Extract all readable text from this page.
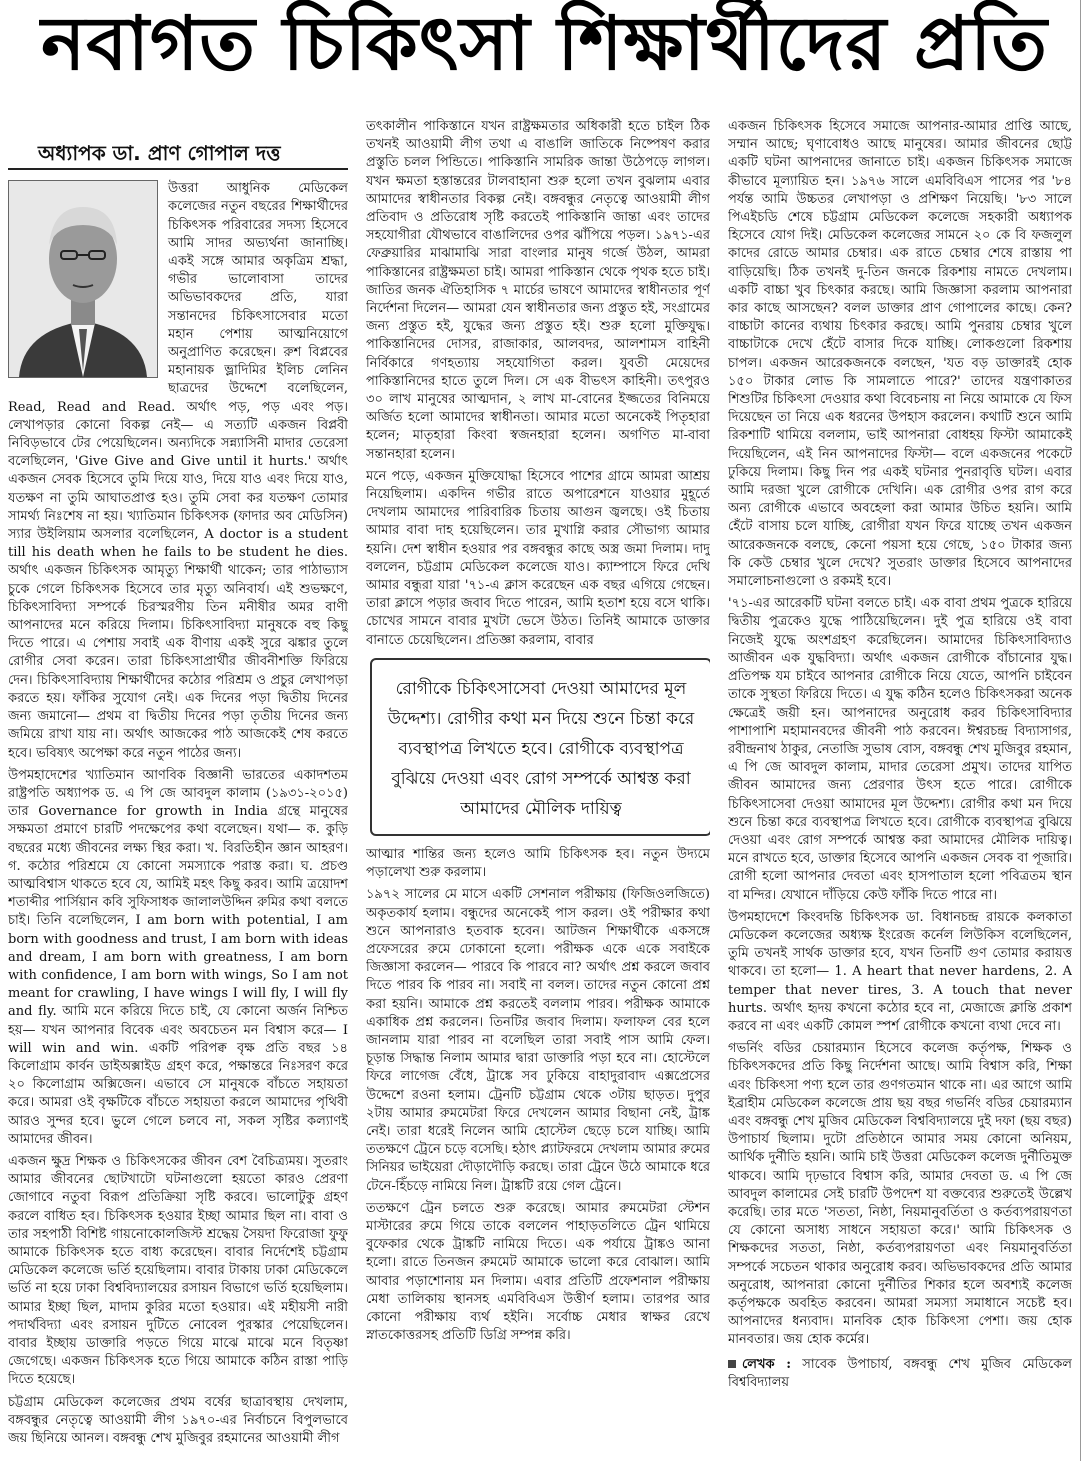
নবাগত চিকিৎসা শিক্ষার্থীদের প্রতি
অধ্যাপক ডা. প্রাণ গোপাল দত্ত

উত্তরা আধুনিক মেডিকেল কলেজের নতুন বছরের শিক্ষার্থীদের চিকিৎসক পরিবারের সদস্য হিসেবে আমি সাদর অভ্যর্থনা জানাচ্ছি। একই সঙ্গে আমার অকৃত্রিম শ্রদ্ধা, গভীর ভালোবাসা তাদের অভিভাবকদের প্রতি, যারা সন্তানদের চিকিৎসাসেবার মতো মহান পেশায় আত্মনিয়োগে অনুপ্রাণিত করেছেন। রুশ বিপ্লবের মহানায়ক ভ্লাদিমির ইলিচ লেনিন ছাত্রদের উদ্দেশে বলেছিলেন, Read, Read and Read. অর্থাৎ পড়, পড় এবং পড়। লেখাপড়ার কোনো বিকল্প নেই— এ সত্যটি একজন বিপ্লবী নিবিড়ভাবে টের পেয়েছিলেন। অন্যদিকে সন্ন্যাসিনী মাদার তেরেসা বলেছিলেন, 'Give Give and Give until it hurts.' অর্থাৎ একজন সেবক হিসেবে তুমি দিয়ে যাও, দিয়ে যাও এবং দিয়ে যাও, যতক্ষণ না তুমি আঘাতপ্রাপ্ত হও। তুমি সেবা কর যতক্ষণ তোমার সামর্থ্য নিঃশেষ না হয়। খ্যাতিমান চিকিৎসক (ফাদার অব মেডিসিন) স্যার উইলিয়াম অসলার বলেছিলেন, A doctor is a student till his death when he fails to be student he dies. অর্থাৎ একজন চিকিৎসক আমৃত্যু শিক্ষার্থী থাকেন; তার পাঠাভ্যাস চুকে গেলে চিকিৎসক হিসেবে তার মৃত্যু অনিবার্য। এই শুভক্ষণে, চিকিৎসাবিদ্যা সম্পর্কে চিরস্মরণীয় তিন মনীষীর অমর বাণী আপনাদের মনে করিয়ে দিলাম। চিকিৎসাবিদ্যা মানুষকে বহু কিছু দিতে পারে। এ পেশায় সবাই এক বীণায় একই সুরে ঝঙ্কার তুলে রোগীর সেবা করেন। তারা চিকিৎসাপ্রার্থীর জীবনীশক্তি ফিরিয়ে দেন। চিকিৎসাবিদ্যায় শিক্ষার্থীদের কঠোর পরিশ্রম ও প্রচুর লেখাপড়া করতে হয়। ফাঁকির সুযোগ নেই। এক দিনের পড়া দ্বিতীয় দিনের জন্য জমানো— প্রথম বা দ্বিতীয় দিনের পড়া তৃতীয় দিনের জন্য জমিয়ে রাখা যায় না। অর্থাৎ আজকের পাঠ আজকেই শেষ করতে হবে। ভবিষ্যৎ অপেক্ষা করে নতুন পাঠের জন্য।

উপমহাদেশের খ্যাতিমান আণবিক বিজ্ঞানী ভারতের একাদশতম রাষ্ট্রপতি অধ্যাপক ড. এ পি জে আবদুল কালাম (১৯৩১-২০১৫) তার Governance for growth in India গ্রন্থে মানুষের সক্ষমতা প্রমাণে চারটি পদক্ষেপের কথা বলেছেন। যথা— ক. কুড়ি বছরের মধ্যে জীবনের লক্ষ্য স্থির করা। খ. বিরতিহীন জ্ঞান আহরণ। গ. কঠোর পরিশ্রমে যে কোনো সমস্যাকে পরাস্ত করা। ঘ. প্রচণ্ড আত্মবিশ্বাস থাকতে হবে যে, আমিই মহৎ কিছু করব। আমি ত্রয়োদশ শতাব্দীর পার্সিয়ান কবি সুফিসাধক জালালউদ্দিন রুমির কথা বলতে চাই। তিনি বলেছিলেন, I am born with potential, I am born with goodness and trust, I am born with ideas and dream, I am born with greatness, I am born with confidence, I am born with wings, So I am not meant for crawling, I have wings I will fly, I will fly and fly. আমি মনে করিয়ে দিতে চাই, যে কোনো অর্জন নিশ্চিত হয়— যখন আপনার বিবেক এবং অবচেতন মন বিশ্বাস করে— I will win and win. একটি পরিপক্ব বৃক্ষ প্রতি বছর ১৪ কিলোগ্রাম কার্বন ডাইঅক্সাইড গ্রহণ করে, পক্ষান্তরে নিঃসরণ করে ২০ কিলোগ্রাম অক্সিজেন। এভাবে সে মানুষকে বাঁচতে সহায়তা করে। আমরা ওই বৃক্ষটিকে বাঁচতে সহায়তা করলে আমাদের পৃথিবী আরও সুন্দর হবে। ভুলে গেলে চলবে না, সকল সৃষ্টির কল্যাণই আমাদের জীবন।

একজন ক্ষুদ্র শিক্ষক ও চিকিৎসকের জীবন বেশ বৈচিত্র্যময়। সুতরাং আমার জীবনের ছোটখাটো ঘটনাগুলো হয়তো কারও প্রেরণা জোগাবে নতুবা বিরূপ প্রতিক্রিয়া সৃষ্টি করবে। ভালোটুকু গ্রহণ করলে বাধিত হব। চিকিৎসক হওয়ার ইচ্ছা আমার ছিল না। বাবা ও তার সহপাঠী বিশিষ্ট গায়নোকোলজিস্ট শ্রদ্ধেয় সৈয়দা ফিরোজা ফুফু আমাকে চিকিৎসক হতে বাধ্য করেছেন। বাবার নির্দেশেই চট্টগ্রাম মেডিকেল কলেজে ভর্তি হয়েছিলাম। বাবার টাকায় ঢাকা মেডিকেলে ভর্তি না হয়ে ঢাকা বিশ্ববিদ্যালয়ের রসায়ন বিভাগে ভর্তি হয়েছিলাম। আমার ইচ্ছা ছিল, মাদাম কুরির মতো হওয়ার। এই মহীয়সী নারী পদার্থবিদ্যা এবং রসায়ন দুটিতে নোবেল পুরস্কার পেয়েছিলেন। বাবার ইচ্ছায় ডাক্তারি পড়তে গিয়ে মাঝে মাঝে মনে বিতৃষ্ণা জেগেছে। একজন চিকিৎসক হতে গিয়ে আমাকে কঠিন রাস্তা পাড়ি দিতে হয়েছে।

চট্টগ্রাম মেডিকেল কলেজের প্রথম বর্ষের ছাত্রাবস্থায় দেখলাম, বঙ্গবন্ধুর নেতৃত্বে আওয়ামী লীগ ১৯৭০-এর নির্বাচনে বিপুলভাবে জয় ছিনিয়ে আনল। বঙ্গবন্ধু শেখ মুজিবুর রহমানের আওয়ামী লীগ

তৎকালীন পাকিস্তানে যখন রাষ্ট্রক্ষমতার অধিকারী হতে চাইল ঠিক তখনই আওয়ামী লীগ তথা এ বাঙালি জাতিকে নিষ্পেষণ করার প্রস্তুতি চলল পিন্ডিতে। পাকিস্তানি সামরিক জান্তা উঠেপড়ে লাগল। যখন ক্ষমতা হস্তান্তরের টালবাহানা শুরু হলো তখন বুঝলাম এবার আমাদের স্বাধীনতার বিকল্প নেই। বঙ্গবন্ধুর নেতৃত্বে আওয়ামী লীগ প্রতিবাদ ও প্রতিরোধ সৃষ্টি করতেই পাকিস্তানি জান্তা এবং তাদের সহযোগীরা যৌথভাবে বাঙালিদের ওপর ঝাঁপিয়ে পড়ল। ১৯৭১-এর ফেব্রুয়ারির মাঝামাঝি সারা বাংলার মানুষ গর্জে উঠল, আমরা পাকিস্তানের রাষ্ট্রক্ষমতা চাই। আমরা পাকিস্তান থেকে পৃথক হতে চাই। জাতির জনক ঐতিহাসিক ৭ মার্চের ভাষণে আমাদের স্বাধীনতার পূর্ণ নির্দেশনা দিলেন— আমরা যেন স্বাধীনতার জন্য প্রস্তুত হই, সংগ্রামের জন্য প্রস্তুত হই, যুদ্ধের জন্য প্রস্তুত হই। শুরু হলো মুক্তিযুদ্ধ। পাকিস্তানিদের দোসর, রাজাকার, আলবদর, আলশামস বাহিনী নির্বিকারে গণহত্যায় সহযোগিতা করল। যুবতী মেয়েদের পাকিস্তানিদের হাতে তুলে দিল। সে এক বীভৎস কাহিনী। তৎপুরও ৩০ লাখ মানুষের আত্মদান, ২ লাখ মা-বোনের ইজ্জতের বিনিময়ে অর্জিত হলো আমাদের স্বাধীনতা। আমার মতো অনেকেই পিতৃহারা হলেন; মাতৃহারা কিংবা স্বজনহারা হলেন। অগণিত মা-বাবা সন্তানহারা হলেন।

মনে পড়ে, একজন মুক্তিযোদ্ধা হিসেবে পাশের গ্রামে আমরা আশ্রয় নিয়েছিলাম। একদিন গভীর রাতে অপারেশনে যাওয়ার মুহূর্তে দেখলাম আমাদের পারিবারিক চিতায় আগুন জ্বলছে। ওই চিতায় আমার বাবা দাহ হয়েছিলেন। তার মুখাগ্নি করার সৌভাগ্য আমার হয়নি। দেশ স্বাধীন হওয়ার পর বঙ্গবন্ধুর কাছে অস্ত্র জমা দিলাম। দাদু বললেন, চট্টগ্রাম মেডিকেল কলেজে যাও। ক্যাম্পাসে ফিরে দেখি আমার বন্ধুরা যারা '৭১-এ ক্লাস করেছেন এক বছর এগিয়ে গেছেন। তারা ক্লাসে পড়ার জবাব দিতে পারেন, আমি হতাশ হয়ে বসে থাকি। চোখের সামনে বাবার মুখটা ভেসে উঠত। তিনিই আমাকে ডাক্তার বানাতে চেয়েছিলেন। প্রতিজ্ঞা করলাম, বাবার

রোগীকে চিকিৎসাসেবা দেওয়া আমাদের মূল উদ্দেশ্য। রোগীর কথা মন দিয়ে শুনে চিন্তা করে ব্যবস্থাপত্র লিখতে হবে। রোগীকে ব্যবস্থাপত্র বুঝিয়ে দেওয়া এবং রোগ সম্পর্কে আশ্বস্ত করা আমাদের মৌলিক দায়িত্ব

আত্মার শান্তির জন্য হলেও আমি চিকিৎসক হব। নতুন উদ্যমে পড়ালেখা শুরু করলাম।

১৯৭২ সালের মে মাসে একটি সেশনাল পরীক্ষায় (ফিজিওলজিতে) অকৃতকার্য হলাম। বন্ধুদের অনেকেই পাস করল। ওই পরীক্ষার কথা শুনে আপনারাও হতবাক হবেন। আটজন শিক্ষার্থীকে একসঙ্গে প্রফেসরের রুমে ঢোকানো হলো। পরীক্ষক একে একে সবাইকে জিজ্ঞাসা করলেন— পারবে কি পারবে না? অর্থাৎ প্রশ্ন করলে জবাব দিতে পারব কি পারব না। সবাই না বলল। তাদের নতুন কোনো প্রশ্ন করা হয়নি। আমাকে প্রশ্ন করতেই বললাম পারব। পরীক্ষক আমাকে একাধিক প্রশ্ন করলেন। তিনটির জবাব দিলাম। ফলাফল বের হলে জানলাম যারা পারব না বলেছিল তারা সবাই পাস আমি ফেল। চূড়ান্ত সিদ্ধান্ত নিলাম আমার দ্বারা ডাক্তারি পড়া হবে না। হোস্টেলে ফিরে লাগেজ বেঁধে, ট্রাঙ্কে সব ঢুকিয়ে বাহাদুরাবাদ এক্সপ্রেসের উদ্দেশে রওনা হলাম। ট্রেনটি চট্টগ্রাম থেকে ৩টায় ছাড়ত। দুপুর ২টায় আমার রুমমেটরা ফিরে দেখলেন আমার বিছানা নেই, ট্রাঙ্ক নেই। তারা ধরেই নিলেন আমি হোস্টেল ছেড়ে চলে যাচ্ছি। আমি ততক্ষণে ট্রেনে চড়ে বসেছি। হঠাৎ প্ল্যাটফরমে দেখলাম আমার রুমের সিনিয়র ভাইয়েরা দৌড়াদৌড়ি করছে। তারা ট্রেনে উঠে আমাকে ধরে টেনে-হিঁচড়ে নামিয়ে নিল। ট্রাঙ্কটি রয়ে গেল ট্রেনে।

ততক্ষণে ট্রেন চলতে শুরু করেছে। আমার রুমমেটরা স্টেশন মাস্টারের রুমে গিয়ে তাকে বললেন পাহাড়তলিতে ট্রেন থামিয়ে বুফেকার থেকে ট্রাঙ্কটি নামিয়ে দিতে। এক পর্যায়ে ট্রাঙ্কও আনা হলো। রাতে তিনজন রুমমেট আমাকে ভালো করে বোঝাল। আমি আবার পড়াশোনায় মন দিলাম। এবার প্রতিটি প্রফেশনাল পরীক্ষায় মেধা তালিকায় স্থানসহ এমবিবিএস উত্তীর্ণ হলাম। তারপর আর কোনো পরীক্ষায় ব্যর্থ হইনি। সর্বোচ্চ মেধার স্বাক্ষর রেখে স্নাতকোত্তরসহ প্রতিটি ডিগ্রি সম্পন্ন করি।

একজন চিকিৎসক হিসেবে সমাজে আপনার-আমার প্রাপ্তি আছে, সম্মান আছে; ঘৃণাবোধও আছে মানুষের। আমার জীবনের ছোট্ট একটি ঘটনা আপনাদের জানাতে চাই। একজন চিকিৎসক সমাজে কীভাবে মূল্যায়িত হন। ১৯৭৬ সালে এমবিবিএস পাসের পর '৮৪ পর্যন্ত আমি উচ্চতর লেখাপড়া ও প্রশিক্ষণ নিয়েছি। '৮৩ সালে পিএইচডি শেষে চট্টগ্রাম মেডিকেল কলেজে সহকারী অধ্যাপক হিসেবে যোগ দিই। মেডিকেল কলেজের সামনে ২০ কে বি ফজলুল কাদের রোডে আমার চেম্বার। এক রাতে চেম্বার শেষে রাস্তায় পা বাড়িয়েছি। ঠিক তখনই দু-তিন জনকে রিকশায় নামতে দেখলাম। একটি বাচ্চা খুব চিৎকার করছে। আমি জিজ্ঞাসা করলাম আপনারা কার কাছে আসছেন? বলল ডাক্তার প্রাণ গোপালের কাছে। কেন? বাচ্চাটা কানের ব্যথায় চিৎকার করছে। আমি পুনরায় চেম্বার খুলে বাচ্চাটাকে দেখে হেঁটে বাসার দিকে যাচ্ছি। লোকগুলো রিকশায় চাপল। একজন আরেকজনকে বলছেন, 'যত বড় ডাক্তারই হোক ১৫০ টাকার লোভ কি সামলাতে পারে?' তাদের যন্ত্রণাকাতর শিশুটির চিকিৎসা দেওয়ার কথা বিবেচনায় না নিয়ে আমাকে যে ফিস দিয়েছেন তা নিয়ে এক ধরনের উপহাস করলেন। কথাটি শুনে আমি রিকশাটি থামিয়ে বললাম, ভাই আপনারা বোধহয় ফিস্টা আমাকেই দিয়েছিলেন, এই নিন আপনাদের ফিস্টা— বলে একজনের পকেটে ঢুকিয়ে দিলাম। কিছু দিন পর একই ঘটনার পুনরাবৃত্তি ঘটল। এবার আমি দরজা খুলে রোগীকে দেখিনি। এক রোগীর ওপর রাগ করে অন্য রোগীকে এভাবে অবহেলা করা আমার উচিত হয়নি। আমি হেঁটে বাসায় চলে যাচ্ছি, রোগীরা যখন ফিরে যাচ্ছে তখন একজন আরেকজনকে বলছে, কেনো পয়সা হয়ে গেছে, ১৫০ টাকার জন্য কি কেউ চেম্বার খুলে দেখে? সুতরাং ডাক্তার হিসেবে আপনাদের সমালোচনাগুলো ও রকমই হবে।

'৭১-এর আরেকটি ঘটনা বলতে চাই। এক বাবা প্রথম পুত্রকে হারিয়ে দ্বিতীয় পুত্রকেও যুদ্ধে পাঠিয়েছিলেন। দুই পুত্র হারিয়ে ওই বাবা নিজেই যুদ্ধে অংশগ্রহণ করেছিলেন। আমাদের চিকিৎসাবিদ্যাও আজীবন এক যুদ্ধবিদ্যা। অর্থাৎ একজন রোগীকে বাঁচানোর যুদ্ধ। প্রতিপক্ষ যম চাইবে আপনার রোগীকে নিয়ে যেতে, আপনি চাইবেন তাকে সুস্থতা ফিরিয়ে দিতে। এ যুদ্ধ কঠিন হলেও চিকিৎসকরা অনেক ক্ষেত্রেই জয়ী হন। আপনাদের অনুরোধ করব চিকিৎসাবিদ্যার পাশাপাশি মহামানবদের জীবনী পাঠ করবেন। ঈশ্বরচন্দ্র বিদ্যাসাগর, রবীন্দ্রনাথ ঠাকুর, নেতাজি সুভাষ বোস, বঙ্গবন্ধু শেখ মুজিবুর রহমান, এ পি জে আবদুল কালাম, মাদার তেরেসা প্রমুখ। তাদের যাপিত জীবন আমাদের জন্য প্রেরণার উৎস হতে পারে। রোগীকে চিকিৎসাসেবা দেওয়া আমাদের মূল উদ্দেশ্য। রোগীর কথা মন দিয়ে শুনে চিন্তা করে ব্যবস্থাপত্র লিখতে হবে। রোগীকে ব্যবস্থাপত্র বুঝিয়ে দেওয়া এবং রোগ সম্পর্কে আশ্বস্ত করা আমাদের মৌলিক দায়িত্ব। মনে রাখতে হবে, ডাক্তার হিসেবে আপনি একজন সেবক বা পূজারি। রোগী হলো আপনার দেবতা এবং হাসপাতাল হলো পবিত্রতম স্থান বা মন্দির। যেখানে দাঁড়িয়ে কেউ ফাঁকি দিতে পারে না।

উপমহাদেশে কিংবদন্তি চিকিৎসক ডা. বিধানচন্দ্র রায়কে কলকাতা মেডিকেল কলেজের অধ্যক্ষ ইংরেজ কর্নেল লিউকিস বলেছিলেন, তুমি তখনই সার্থক ডাক্তার হবে, যখন তিনটি গুণ তোমার করায়ত্ত থাকবে। তা হলো— 1. A heart that never hardens, 2. A temper that never tires, 3. A touch that never hurts. অর্থাৎ হৃদয় কখনো কঠোর হবে না, মেজাজে ক্লান্তি প্রকাশ করবে না এবং একটি কোমল স্পর্শ রোগীকে কখনো ব্যথা দেবে না।

গভর্নিং বডির চেয়ারম্যান হিসেবে কলেজ কর্তৃপক্ষ, শিক্ষক ও চিকিৎসকদের প্রতি কিছু নির্দেশনা আছে। আমি বিশ্বাস করি, শিক্ষা এবং চিকিৎসা পণ্য হলে তার গুণগতমান থাকে না। এর আগে আমি ইব্রাহীম মেডিকেল কলেজে প্রায় ছয় বছর গভর্নিং বডির চেয়ারম্যান এবং বঙ্গবন্ধু শেখ মুজিব মেডিকেল বিশ্ববিদ্যালয়ে দুই দফা (ছয় বছর) উপাচার্য ছিলাম। দুটো প্রতিষ্ঠানে আমার সময় কোনো অনিয়ম, আর্থিক দুর্নীতি হয়নি। আমি চাই উত্তরা মেডিকেল কলেজ দুর্নীতিমুক্ত থাকবে। আমি দৃঢ়ভাবে বিশ্বাস করি, আমার দেবতা ড. এ পি জে আবদুল কালামের সেই চারটি উপদেশ যা বক্তব্যের শুরুতেই উল্লেখ করেছি। তার মতে 'সততা, নিষ্ঠা, নিয়মানুবর্তিতা ও কর্তব্যপরায়ণতা যে কোনো অসাধ্য সাধনে সহায়তা করে।' আমি চিকিৎসক ও শিক্ষকদের সততা, নিষ্ঠা, কর্তব্যপরায়ণতা এবং নিয়মানুবর্তিতা সম্পর্কে সচেতন থাকার অনুরোধ করব। অভিভাবকদের প্রতি আমার অনুরোধ, আপনারা কোনো দুর্নীতির শিকার হলে অবশ্যই কলেজ কর্তৃপক্ষকে অবহিত করবেন। আমরা সমস্যা সমাধানে সচেষ্ট হব। আপনাদের ধন্যবাদ। মানবিক হোক চিকিৎসা পেশা। জয় হোক মানবতার। জয় হোক কর্মের।

লেখক : সাবেক উপাচার্য, বঙ্গবন্ধু শেখ মুজিব মেডিকেল বিশ্ববিদ্যালয়
